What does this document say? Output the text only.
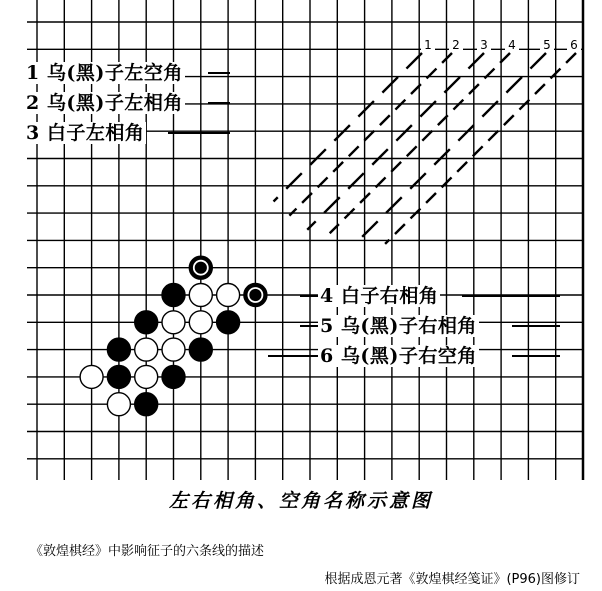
1 2 3 4 5 6
1 乌(黑)子左空角
2 乌(黑)子左相角
3 白子左相角
4 白子右相角
5 乌(黑)子右相角
6 乌(黑)子右空角
左右相角、空角名称示意图
《敦煌棋经》中影响征子的六条线的描述
根据成恩元著《敦煌棋经笺证》(P96)图修订
